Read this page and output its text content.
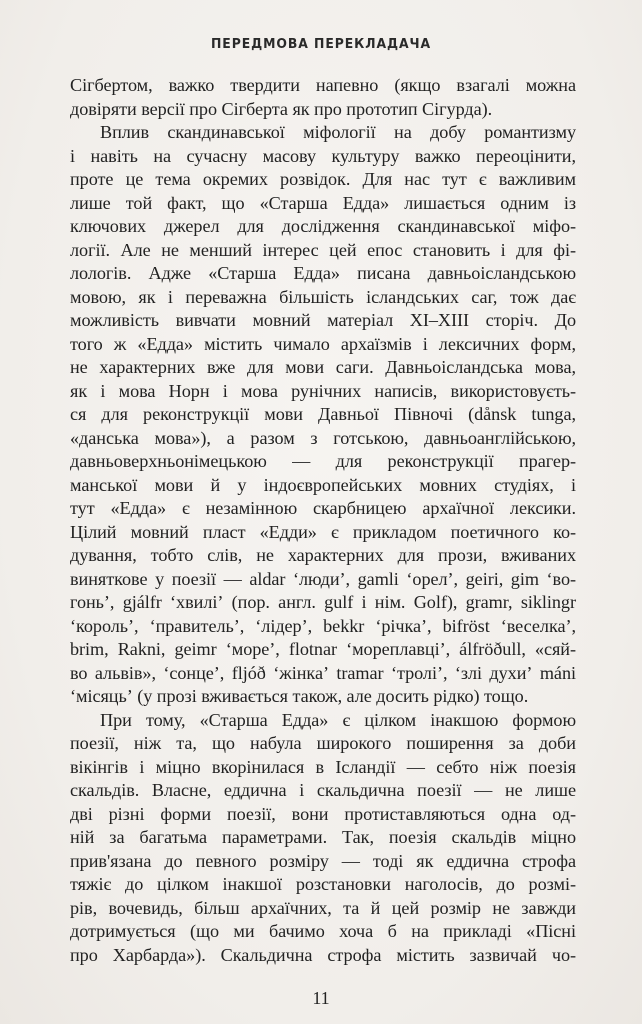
ПЕРЕДМОВА ПЕРЕКЛАДАЧА
Сігбертом, важко твердити напевно (якщо взагалі можна
довіряти версії про Сігберта як про прототип Сігурда).
Вплив скандинавської міфології на добу романтизму
і навіть на сучасну масову культуру важко переоцінити,
проте це тема окремих розвідок. Для нас тут є важливим
лише той факт, що «Старша Едда» лишається одним із
ключових джерел для дослідження скандинавської міфо-
логії. Але не менший інтерес цей епос становить і для фі-
лологів. Адже «Старша Едда» писана давньоісландською
мовою, як і переважна більшість ісландських саг, тож дає
можливість вивчати мовний матеріал XI–XIII сторіч. До
того ж «Едда» містить чимало архаїзмів і лексичних форм,
не характерних вже для мови саги. Давньоісландська мова,
як і мова Норн і мова рунічних написів, використовуєть-
ся для реконструкції мови Давньої Півночі (dånsk tunga,
«данська мова»), а разом з готською, давньоанглійською,
давньоверхньонімецькою — для реконструкції прагер-
манської мови й у індоєвропейських мовних студіях, і
тут «Едда» є незамінною скарбницею архаїчної лексики.
Цілий мовний пласт «Едди» є прикладом поетичного ко-
дування, тобто слів, не характерних для прози, вживаних
виняткове у поезії — aldar ʻлюдиʼ, gamli ʻорелʼ, geiri, gim ʻво-
гоньʼ, gjálfr ʻхвиліʼ (пор. англ. gulf і нім. Golf), gramr, siklingr
ʻкорольʼ, ʻправительʼ, ʻлідерʼ, bekkr ʻрічкаʼ, bifröst ʻвеселкаʼ,
brim, Rakni, geimr ʻмореʼ, flotnar ʻмореплавціʼ, álfröðull, «сяй-
во альвів», ʻсонцеʼ, fljóð ʻжінкаʼ tramar ʻтроліʼ, ʻзлі духиʼ máni
ʻмісяцьʼ (у прозі вживається також, але досить рідко) тощо.
При тому, «Старша Едда» є цілком інакшою формою
поезії, ніж та, що набула широкого поширення за доби
вікінгів і міцно вкорінилася в Ісландії — себто ніж поезія
скальдів. Власне, еддична і скальдична поезії — не лише
дві різні форми поезії, вони протиставляються одна од-
ній за багатьма параметрами. Так, поезія скальдів міцно
прив'язана до певного розміру — тоді як еддична строфа
тяжіє до цілком інакшої розстановки наголосів, до розмі-
рів, вочевидь, більш архаїчних, та й цей розмір не завжди
дотримується (що ми бачимо хоча б на прикладі «Пісні
про Харбарда»). Скальдична строфа містить зазвичай чо-
11
